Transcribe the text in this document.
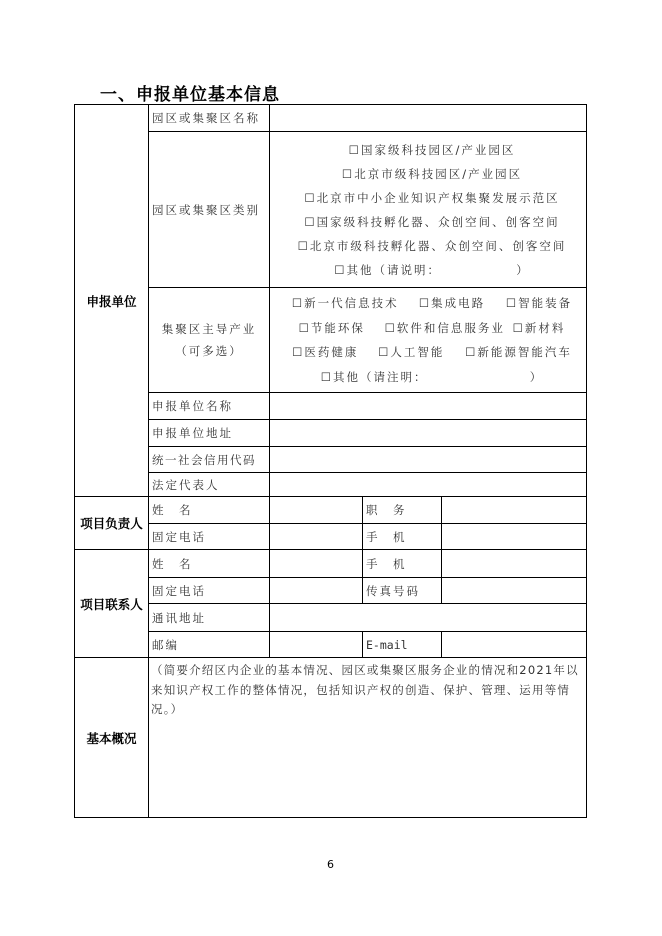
一、申报单位基本信息
申报单位
园区或集聚区名称
园区或集聚区类别
☐国家级科技园区/产业园区
☐北京市级科技园区/产业园区
☐北京市中小企业知识产权集聚发展示范区
☐国家级科技孵化器、众创空间、创客空间
☐北京市级科技孵化器、众创空间、创客空间
☐其他（请说明：　　　　　　）
集聚区主导产业
（可多选）
☐新一代信息技术 ☐集成电路 ☐智能装备
☐节能环保 ☐软件和信息服务业 ☐新材料
☐医药健康 ☐人工智能 ☐新能源智能汽车
☐其他（请注明：　　　　　　　　）
申报单位名称
申报单位地址
统一社会信用代码
法定代表人
项目负责人
姓　名	职　务
固定电话	手　机
项目联系人
姓　名	手　机
固定电话	传真号码
通讯地址
邮编	E-mail
基本概况
（简要介绍区内企业的基本情况、园区或集聚区服务企业的情况和2021年以来知识产权工作的整体情况，包括知识产权的创造、保护、管理、运用等情况。）
6
